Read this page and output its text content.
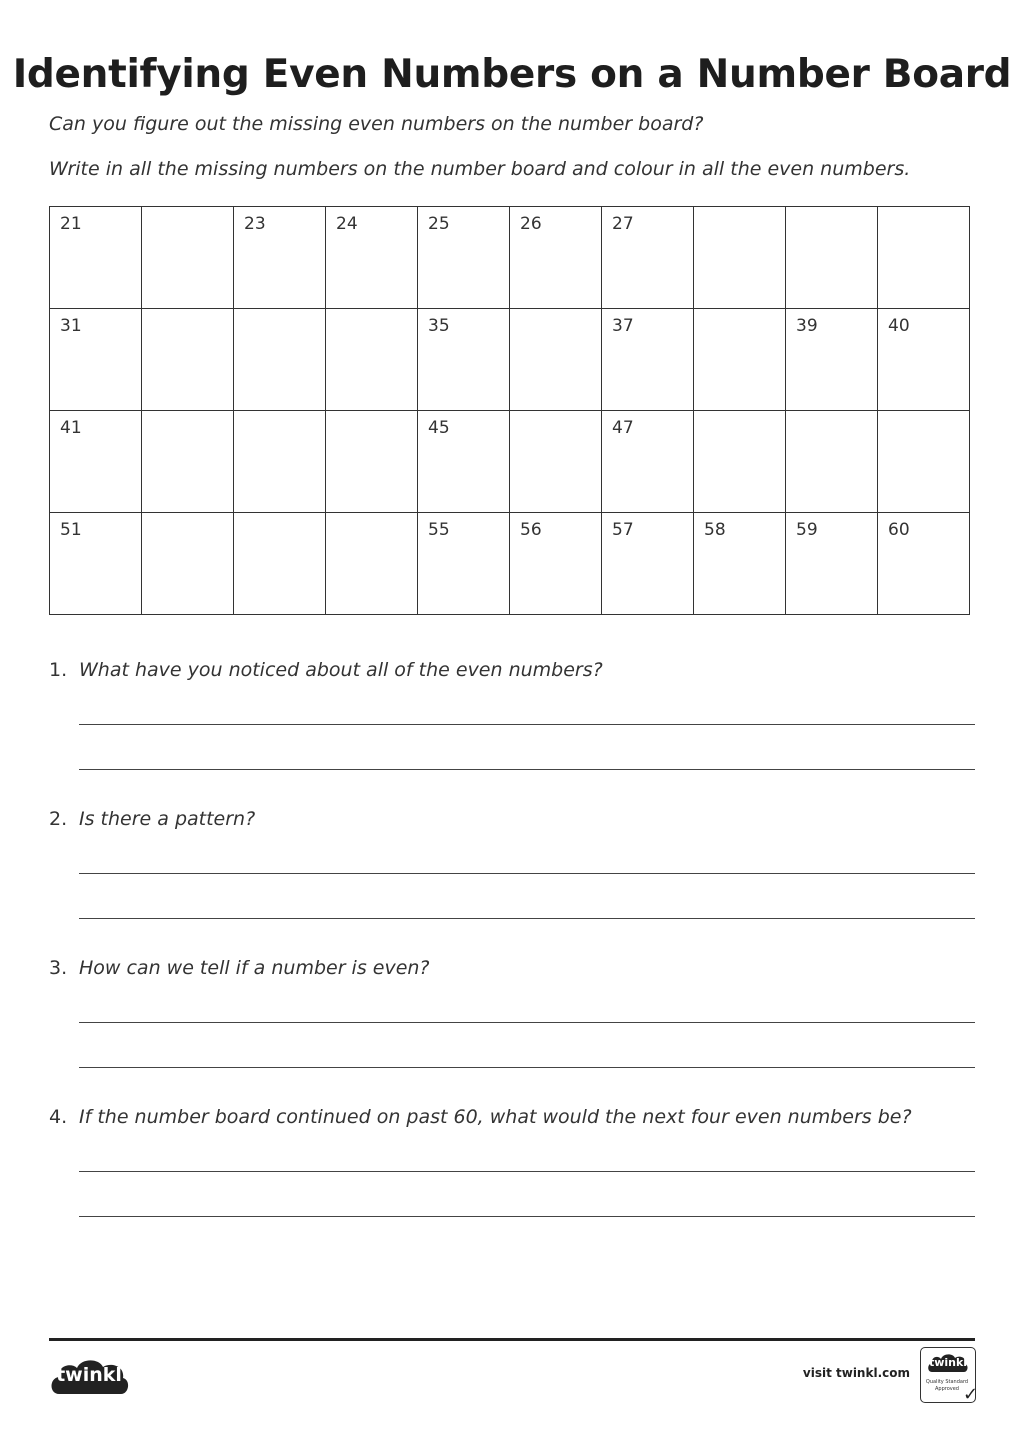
Identifying Even Numbers on a Number Board
Can you figure out the missing even numbers on the number board?
Write in all the missing numbers on the number board and colour in all the even numbers.
21		23	24	25	26	27			
31				35		37		39	40
41				45		47			
51				55	56	57	58	59	60
1. What have you noticed about all of the even numbers?
2. Is there a pattern?
3. How can we tell if a number is even?
4. If the number board continued on past 60, what would the next four even numbers be?
twinkl	visit twinkl.com
twinkl
Quality Standard
Approved ✓
